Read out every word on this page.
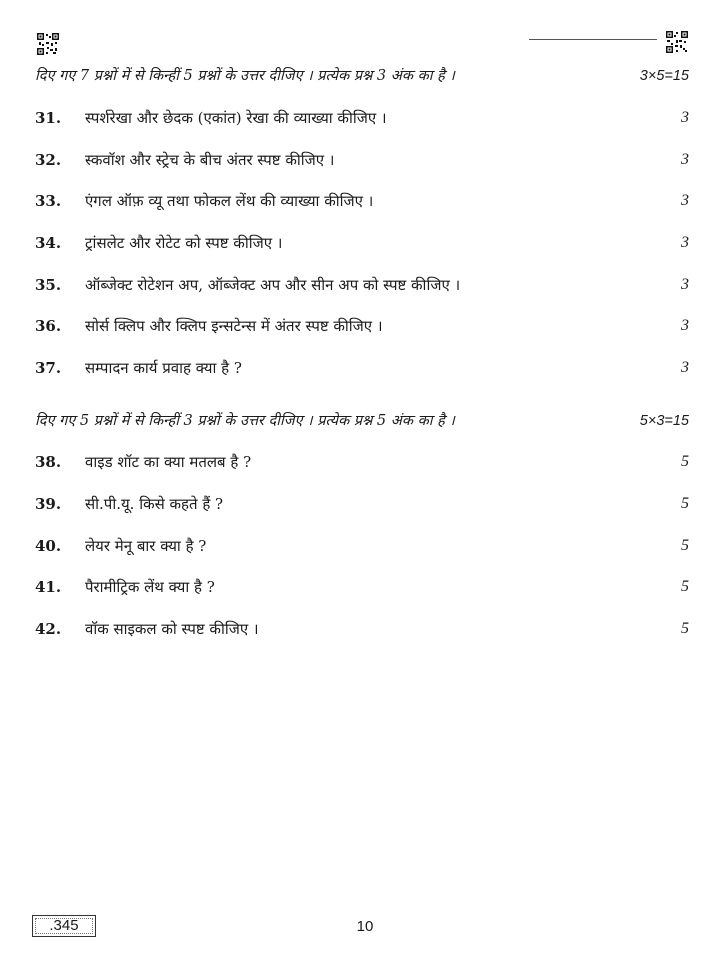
दिए गए 7 प्रश्नों में से किन्हीं 5 प्रश्नों के उत्तर दीजिए । प्रत्येक प्रश्न 3 अंक का है ।	3×5=15
31. स्पर्शरेखा और छेदक (एकांत) रेखा की व्याख्या कीजिए ।	3
32. स्कवॉश और स्ट्रेच के बीच अंतर स्पष्ट कीजिए ।	3
33. एंगल ऑफ़ व्यू तथा फोकल लेंथ की व्याख्या कीजिए ।	3
34. ट्रांसलेट और रोटेट को स्पष्ट कीजिए ।	3
35. ऑब्जेक्ट रोटेशन अप, ऑब्जेक्ट अप और सीन अप को स्पष्ट कीजिए ।	3
36. सोर्स क्लिप और क्लिप इन्सटेन्स में अंतर स्पष्ट कीजिए ।	3
37. सम्पादन कार्य प्रवाह क्या है ?	3
दिए गए 5 प्रश्नों में से किन्हीं 3 प्रश्नों के उत्तर दीजिए । प्रत्येक प्रश्न 5 अंक का है ।	5×3=15
38. वाइड शॉट का क्या मतलब है ?	5
39. सी.पी.यू. किसे कहते हैं ?	5
40. लेयर मेनू बार क्या है ?	5
41. पैरामीट्रिक लेंथ क्या है ?	5
42. वॉक साइकल को स्पष्ट कीजिए ।	5
.345	10
